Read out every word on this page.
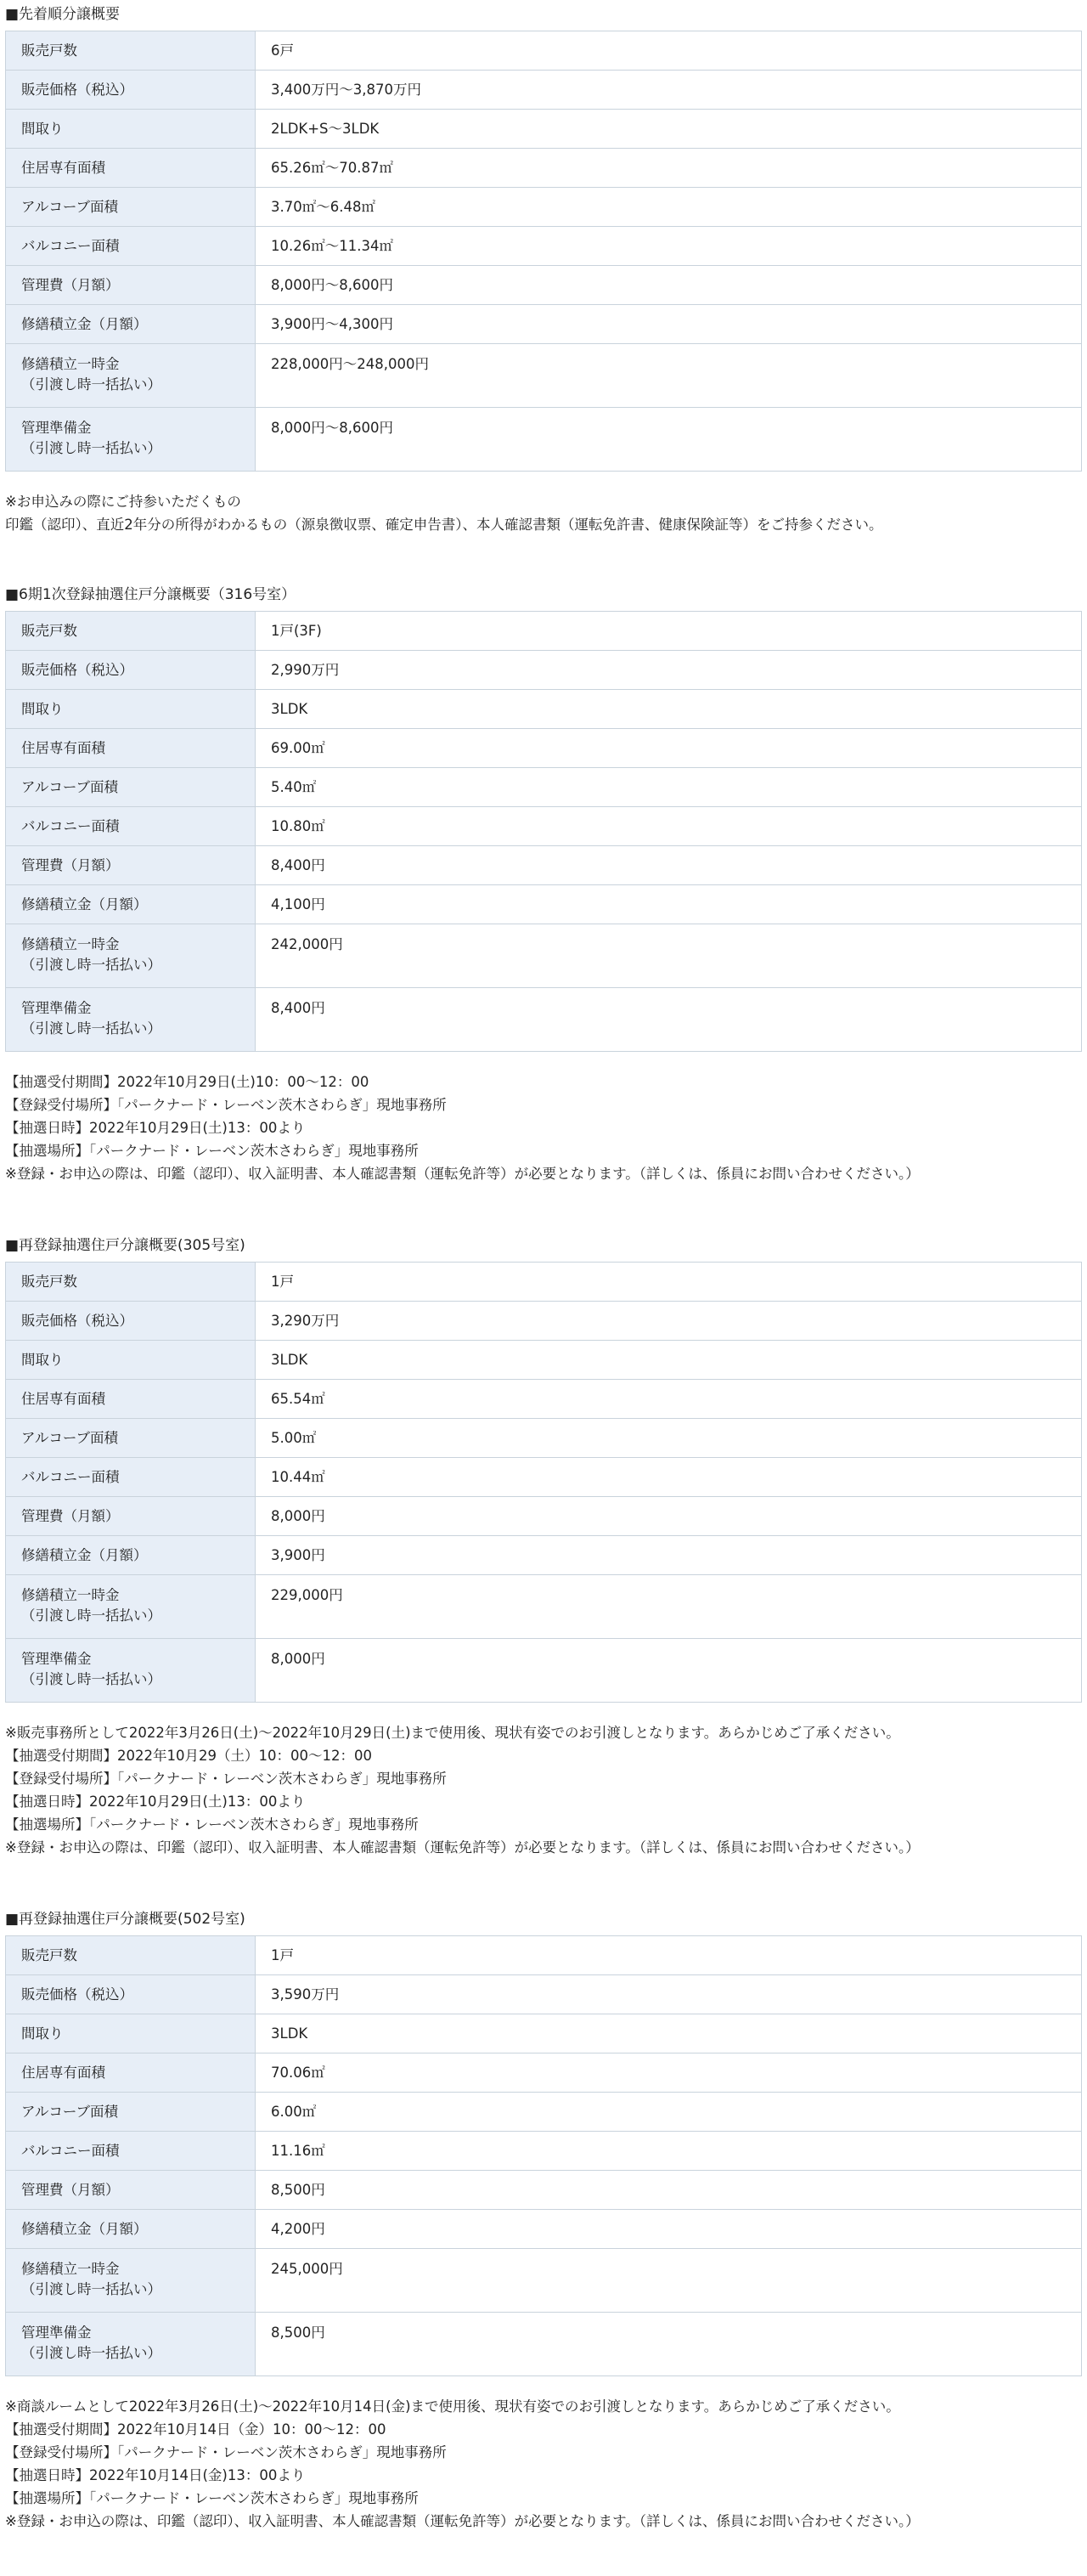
■先着順分譲概要
販売戸数	6戸
販売価格（税込）	3,400万円〜3,870万円
間取り	2LDK+S〜3LDK
住居専有面積	65.26㎡〜70.87㎡
アルコーブ面積	3.70㎡〜6.48㎡
バルコニー面積	10.26㎡〜11.34㎡
管理費（月額）	8,000円〜8,600円
修繕積立金（月額）	3,900円〜4,300円

修繕積立一時金
（引渡し時一括払い）	228,000円〜248,000円

管理準備金
（引渡し時一括払い）	8,000円〜8,600円
※お申込みの際にご持参いただくもの
印鑑（認印）、直近2年分の所得がわかるもの（源泉徴収票、確定申告書）、本人確認書類（運転免許書、健康保険証等）をご持参ください。
■6期1次登録抽選住戸分譲概要（316号室）
販売戸数	1戸(3F)
販売価格（税込）	2,990万円
間取り	3LDK
住居専有面積	69.00㎡
アルコーブ面積	5.40㎡
バルコニー面積	10.80㎡
管理費（月額）	8,400円
修繕積立金（月額）	4,100円

修繕積立一時金
（引渡し時一括払い）	242,000円

管理準備金
（引渡し時一括払い）	8,400円
【抽選受付期間】2022年10月29日(土)10：00〜12：00
【登録受付場所】「パークナード・レーベン茨木さわらぎ」現地事務所
【抽選日時】2022年10月29日(土)13：00より
【抽選場所】「パークナード・レーベン茨木さわらぎ」現地事務所
※登録・お申込の際は、印鑑（認印）、収入証明書、本人確認書類（運転免許等）が必要となります。（詳しくは、係員にお問い合わせください。）
■再登録抽選住戸分譲概要(305号室)
販売戸数	1戸
販売価格（税込）	3,290万円
間取り	3LDK
住居専有面積	65.54㎡
アルコーブ面積	5.00㎡
バルコニー面積	10.44㎡
管理費（月額）	8,000円
修繕積立金（月額）	3,900円

修繕積立一時金
（引渡し時一括払い）	229,000円

管理準備金
（引渡し時一括払い）	8,000円
※販売事務所として2022年3月26日(土)〜2022年10月29日(土)まで使用後、現状有姿でのお引渡しとなります。あらかじめご了承ください。
【抽選受付期間】2022年10月29（土）10：00〜12：00
【登録受付場所】「パークナード・レーベン茨木さわらぎ」現地事務所
【抽選日時】2022年10月29日(土)13：00より
【抽選場所】「パークナード・レーベン茨木さわらぎ」現地事務所
※登録・お申込の際は、印鑑（認印）、収入証明書、本人確認書類（運転免許等）が必要となります。（詳しくは、係員にお問い合わせください。）
■再登録抽選住戸分譲概要(502号室)
販売戸数	1戸
販売価格（税込）	3,590万円
間取り	3LDK
住居専有面積	70.06㎡
アルコーブ面積	6.00㎡
バルコニー面積	11.16㎡
管理費（月額）	8,500円
修繕積立金（月額）	4,200円

修繕積立一時金
（引渡し時一括払い）	245,000円

管理準備金
（引渡し時一括払い）	8,500円
※商談ルームとして2022年3月26日(土)〜2022年10月14日(金)まで使用後、現状有姿でのお引渡しとなります。あらかじめご了承ください。
【抽選受付期間】2022年10月14日（金）10：00〜12：00
【登録受付場所】「パークナード・レーベン茨木さわらぎ」現地事務所
【抽選日時】2022年10月14日(金)13：00より
【抽選場所】「パークナード・レーベン茨木さわらぎ」現地事務所
※登録・お申込の際は、印鑑（認印）、収入証明書、本人確認書類（運転免許等）が必要となります。（詳しくは、係員にお問い合わせください。）
